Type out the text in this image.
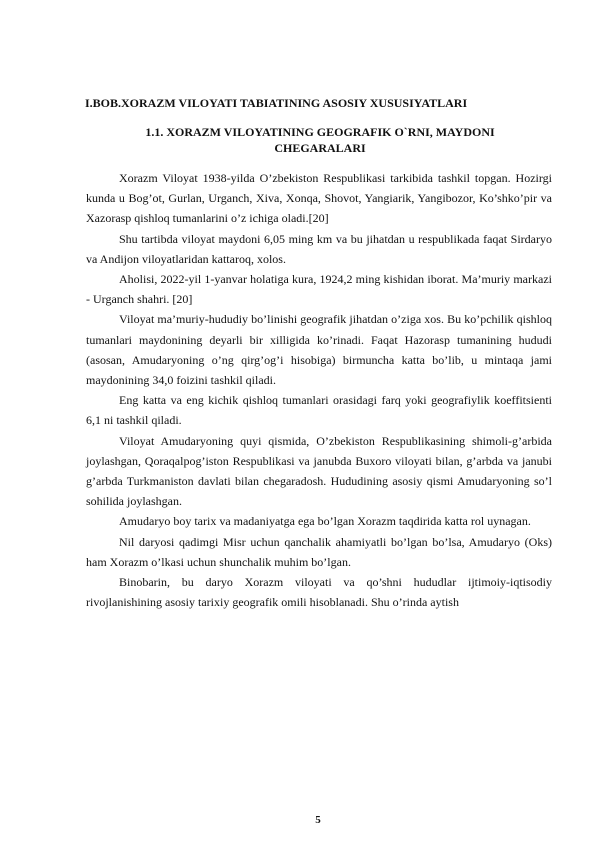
I.BOB.XORAZM VILOYATI TABIATINING ASOSIY XUSUSIYATLARI
1.1. XORAZM VILOYATINING GEOGRAFIK O`RNI, MAYDONI CHEGARALARI

Xorazm Viloyat 1938-yilda O’zbekiston Respublikasi tarkibida tashkil topgan. Hozirgi kunda u Bog’ot, Gurlan, Urganch, Xiva, Xonqa, Shovot, Yangiarik, Yangibozor, Ko’shko’pir va Xazorasp qishloq tumanlarini o’z ichiga oladi.[20]

Shu tartibda viloyat maydoni 6,05 ming km va bu jihatdan u respublikada faqat Sirdaryo va Andijon viloyatlaridan kattaroq, xolos.

Aholisi, 2022-yil 1-yanvar holatiga kura, 1924,2 ming kishidan iborat. Ma’muriy markazi - Urganch shahri. [20]

Viloyat ma’muriy-hududiy bo’linishi geografik jihatdan o’ziga xos. Bu ko’pchilik qishloq tumanlari maydonining deyarli bir xilligida ko’rinadi. Faqat Hazorasp tumanining hududi (asosan, Amudaryoning o’ng qirg’og’i hisobiga) birmuncha katta bo’lib, u mintaqa jami maydonining 34,0 foizini tashkil qiladi.

Eng katta va eng kichik qishloq tumanlari orasidagi farq yoki geografiylik koeffitsienti 6,1 ni tashkil qiladi.

Viloyat Amudaryoning quyi qismida, O’zbekiston Respublikasining shimoli-g’arbida joylashgan, Qoraqalpog’iston Respublikasi va janubda Buxoro viloyati bilan, g’arbda va janubi g’arbda Turkmaniston davlati bilan chegaradosh. Hududining asosiy qismi Amudaryoning so’l sohilida joylashgan.

Amudaryo boy tarix va madaniyatga ega bo’lgan Xorazm taqdirida katta rol uynagan.

Nil daryosi qadimgi Misr uchun qanchalik ahamiyatli bo’lgan bo’lsa, Amudaryo (Oks) ham Xorazm o’lkasi uchun shunchalik muhim bo’lgan.

Binobarin, bu daryo Xorazm viloyati va qo’shni hududlar ijtimoiy-iqtisodiy rivojlanishining asosiy tarixiy geografik omili hisoblanadi. Shu o’rinda aytish

5
